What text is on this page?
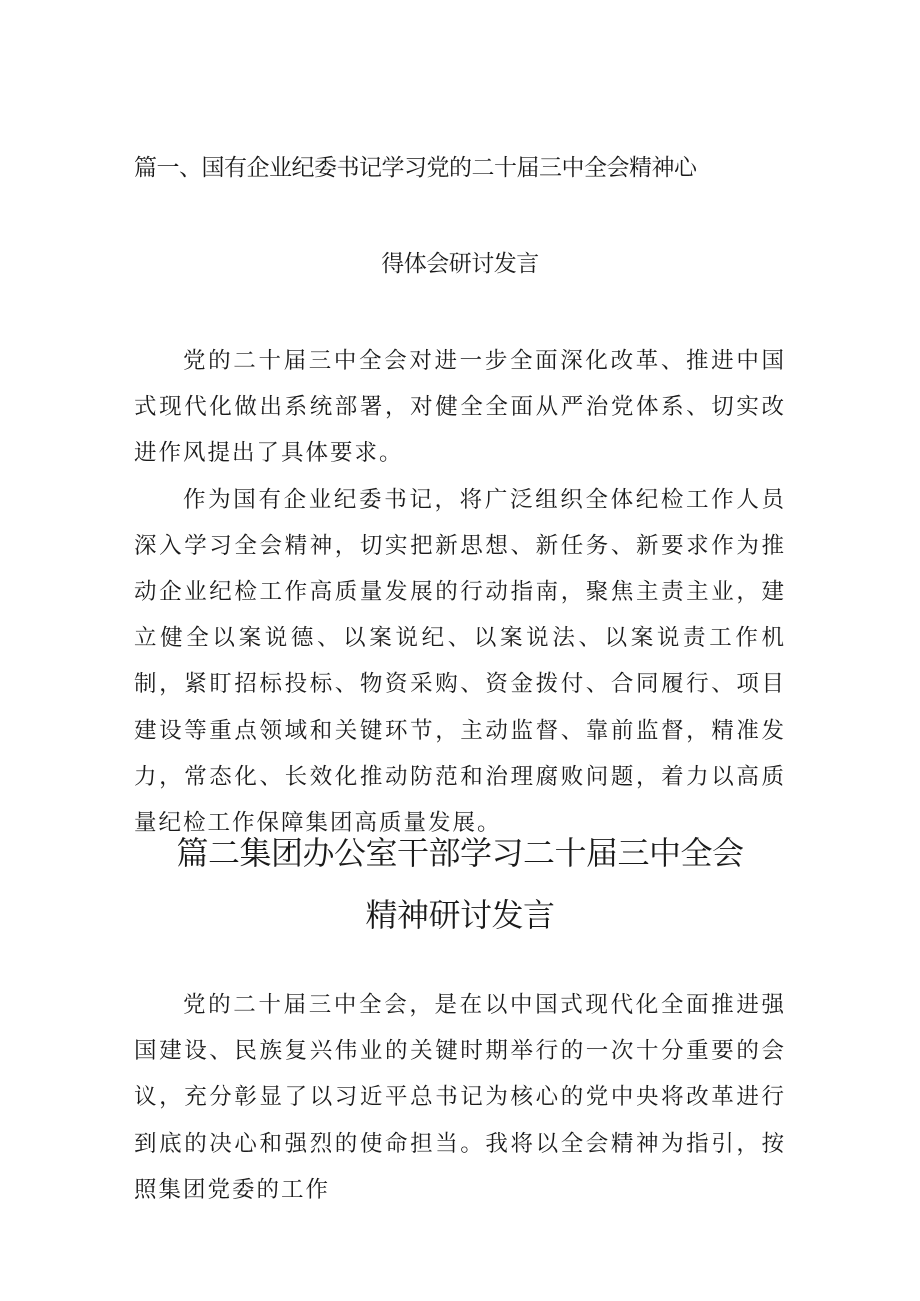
篇一、国有企业纪委书记学习党的二十届三中全会精神心
得体会研讨发言

党的二十届三中全会对进一步全面深化改革、推进中国式现代化做出系统部署，对健全全面从严治党体系、切实改进作风提出了具体要求。

作为国有企业纪委书记，将广泛组织全体纪检工作人员深入学习全会精神，切实把新思想、新任务、新要求作为推动企业纪检工作高质量发展的行动指南，聚焦主责主业，建立健全以案说德、以案说纪、以案说法、以案说责工作机制，紧盯招标投标、物资采购、资金拨付、合同履行、项目建设等重点领域和关键环节，主动监督、靠前监督，精准发力，常态化、长效化推动防范和治理腐败问题，着力以高质量纪检工作保障集团高质量发展。

篇二集团办公室干部学习二十届三中全会
精神研讨发言

党的二十届三中全会，是在以中国式现代化全面推进强国建设、民族复兴伟业的关键时期举行的一次十分重要的会议，充分彰显了以习近平总书记为核心的党中央将改革进行到底的决心和强烈的使命担当。我将以全会精神为指引，按照集团党委的工作
